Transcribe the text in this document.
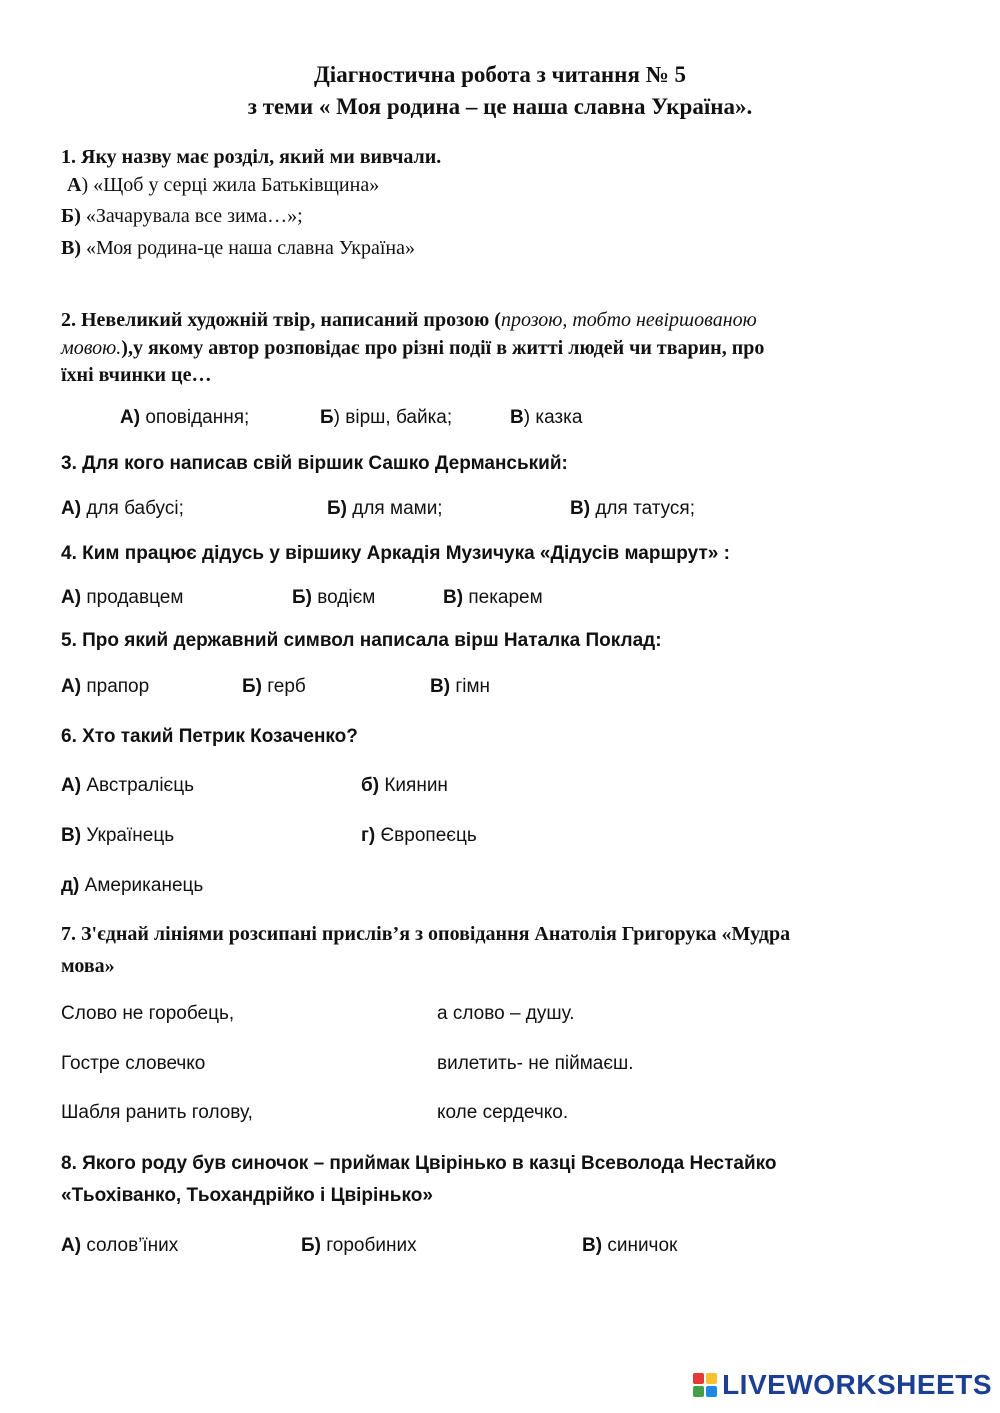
Діагностична робота з читання № 5
з теми « Моя родина – це наша славна Україна».
1. Яку назву має розділ, який ми вивчали.
А) «Щоб у серці жила Батьківщина»
Б) «Зачарувала все зима…»;
В) «Моя родина-це наша славна Україна»
2. Невеликий художній твір, написаний прозою (прозою, тобто невіршованою
мовою.),у якому автор розповідає про різні події в житті людей чи тварин, про
їхні вчинки це…
А) оповідання;	Б) вірш, байка;	В) казка
3. Для кого написав свій віршик Сашко Дерманський:
А) для бабусі;	Б) для мами;	В) для татуся;
4. Ким працює дідусь у віршику Аркадія Музичука «Дідусів маршрут» :
А) продавцем	Б) водієм	В) пекарем
5. Про який державний символ написала вірш Наталка Поклад:
А) прапор	Б) герб	В) гімн
6. Хто такий Петрик Козаченко?
А) Австралієць	б) Киянин
В) Українець	г) Європеєць
д) Американець
7. З'єднай лініями розсипані прислів’я з оповідання Анатолія Григорука «Мудра
мова»
Слово не горобець,	а слово – душу.
Гостре словечко	вилетить- не піймаєш.
Шабля ранить голову,	коле сердечко.
8. Якого роду був синочок – приймак Цвірінько в казці Всеволода Нестайко
«Тьохіванко, Тьохандрійко і Цвірінько»
А) солов’їних	Б) горобиних	В) синичок
LIVEWORKSHEETS
